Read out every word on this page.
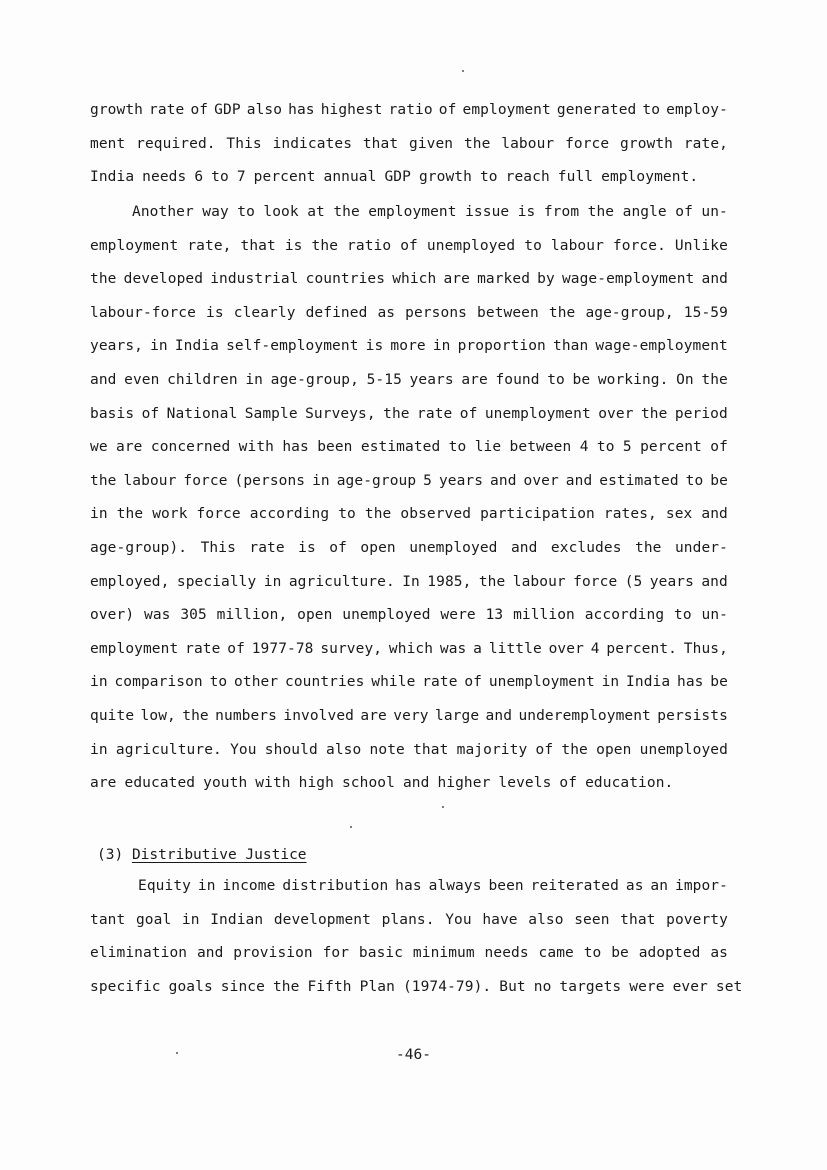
growth rate of GDP also has highest ratio of employment generated to employ-
ment required. This indicates that given the labour force growth rate,
India needs 6 to 7 percent annual GDP growth to reach full employment.
Another way to look at the employment issue is from the angle of un-
employment rate, that is the ratio of unemployed to labour force. Unlike
the developed industrial countries which are marked by wage-employment and
labour-force is clearly defined as persons between the age-group, 15-59
years, in India self-employment is more in proportion than wage-employment
and even children in age-group, 5-15 years are found to be working. On the
basis of National Sample Surveys, the rate of unemployment over the period
we are concerned with has been estimated to lie between 4 to 5 percent of
the labour force (persons in age-group 5 years and over and estimated to be
in the work force according to the observed participation rates, sex and
age-group). This rate is of open unemployed and excludes the under-
employed, specially in agriculture. In 1985, the labour force (5 years and
over) was 305 million, open unemployed were 13 million according to un-
employment rate of 1977-78 survey, which was a little over 4 percent. Thus,
in comparison to other countries while rate of unemployment in India has be
quite low, the numbers involved are very large and underemployment persists
in agriculture. You should also note that majority of the open unemployed
are educated youth with high school and higher levels of education.
(3) Distributive Justice
Equity in income distribution has always been reiterated as an impor-
tant goal in Indian development plans. You have also seen that poverty
elimination and provision for basic minimum needs came to be adopted as
specific goals since the Fifth Plan (1974-79). But no targets were ever set
-46-
